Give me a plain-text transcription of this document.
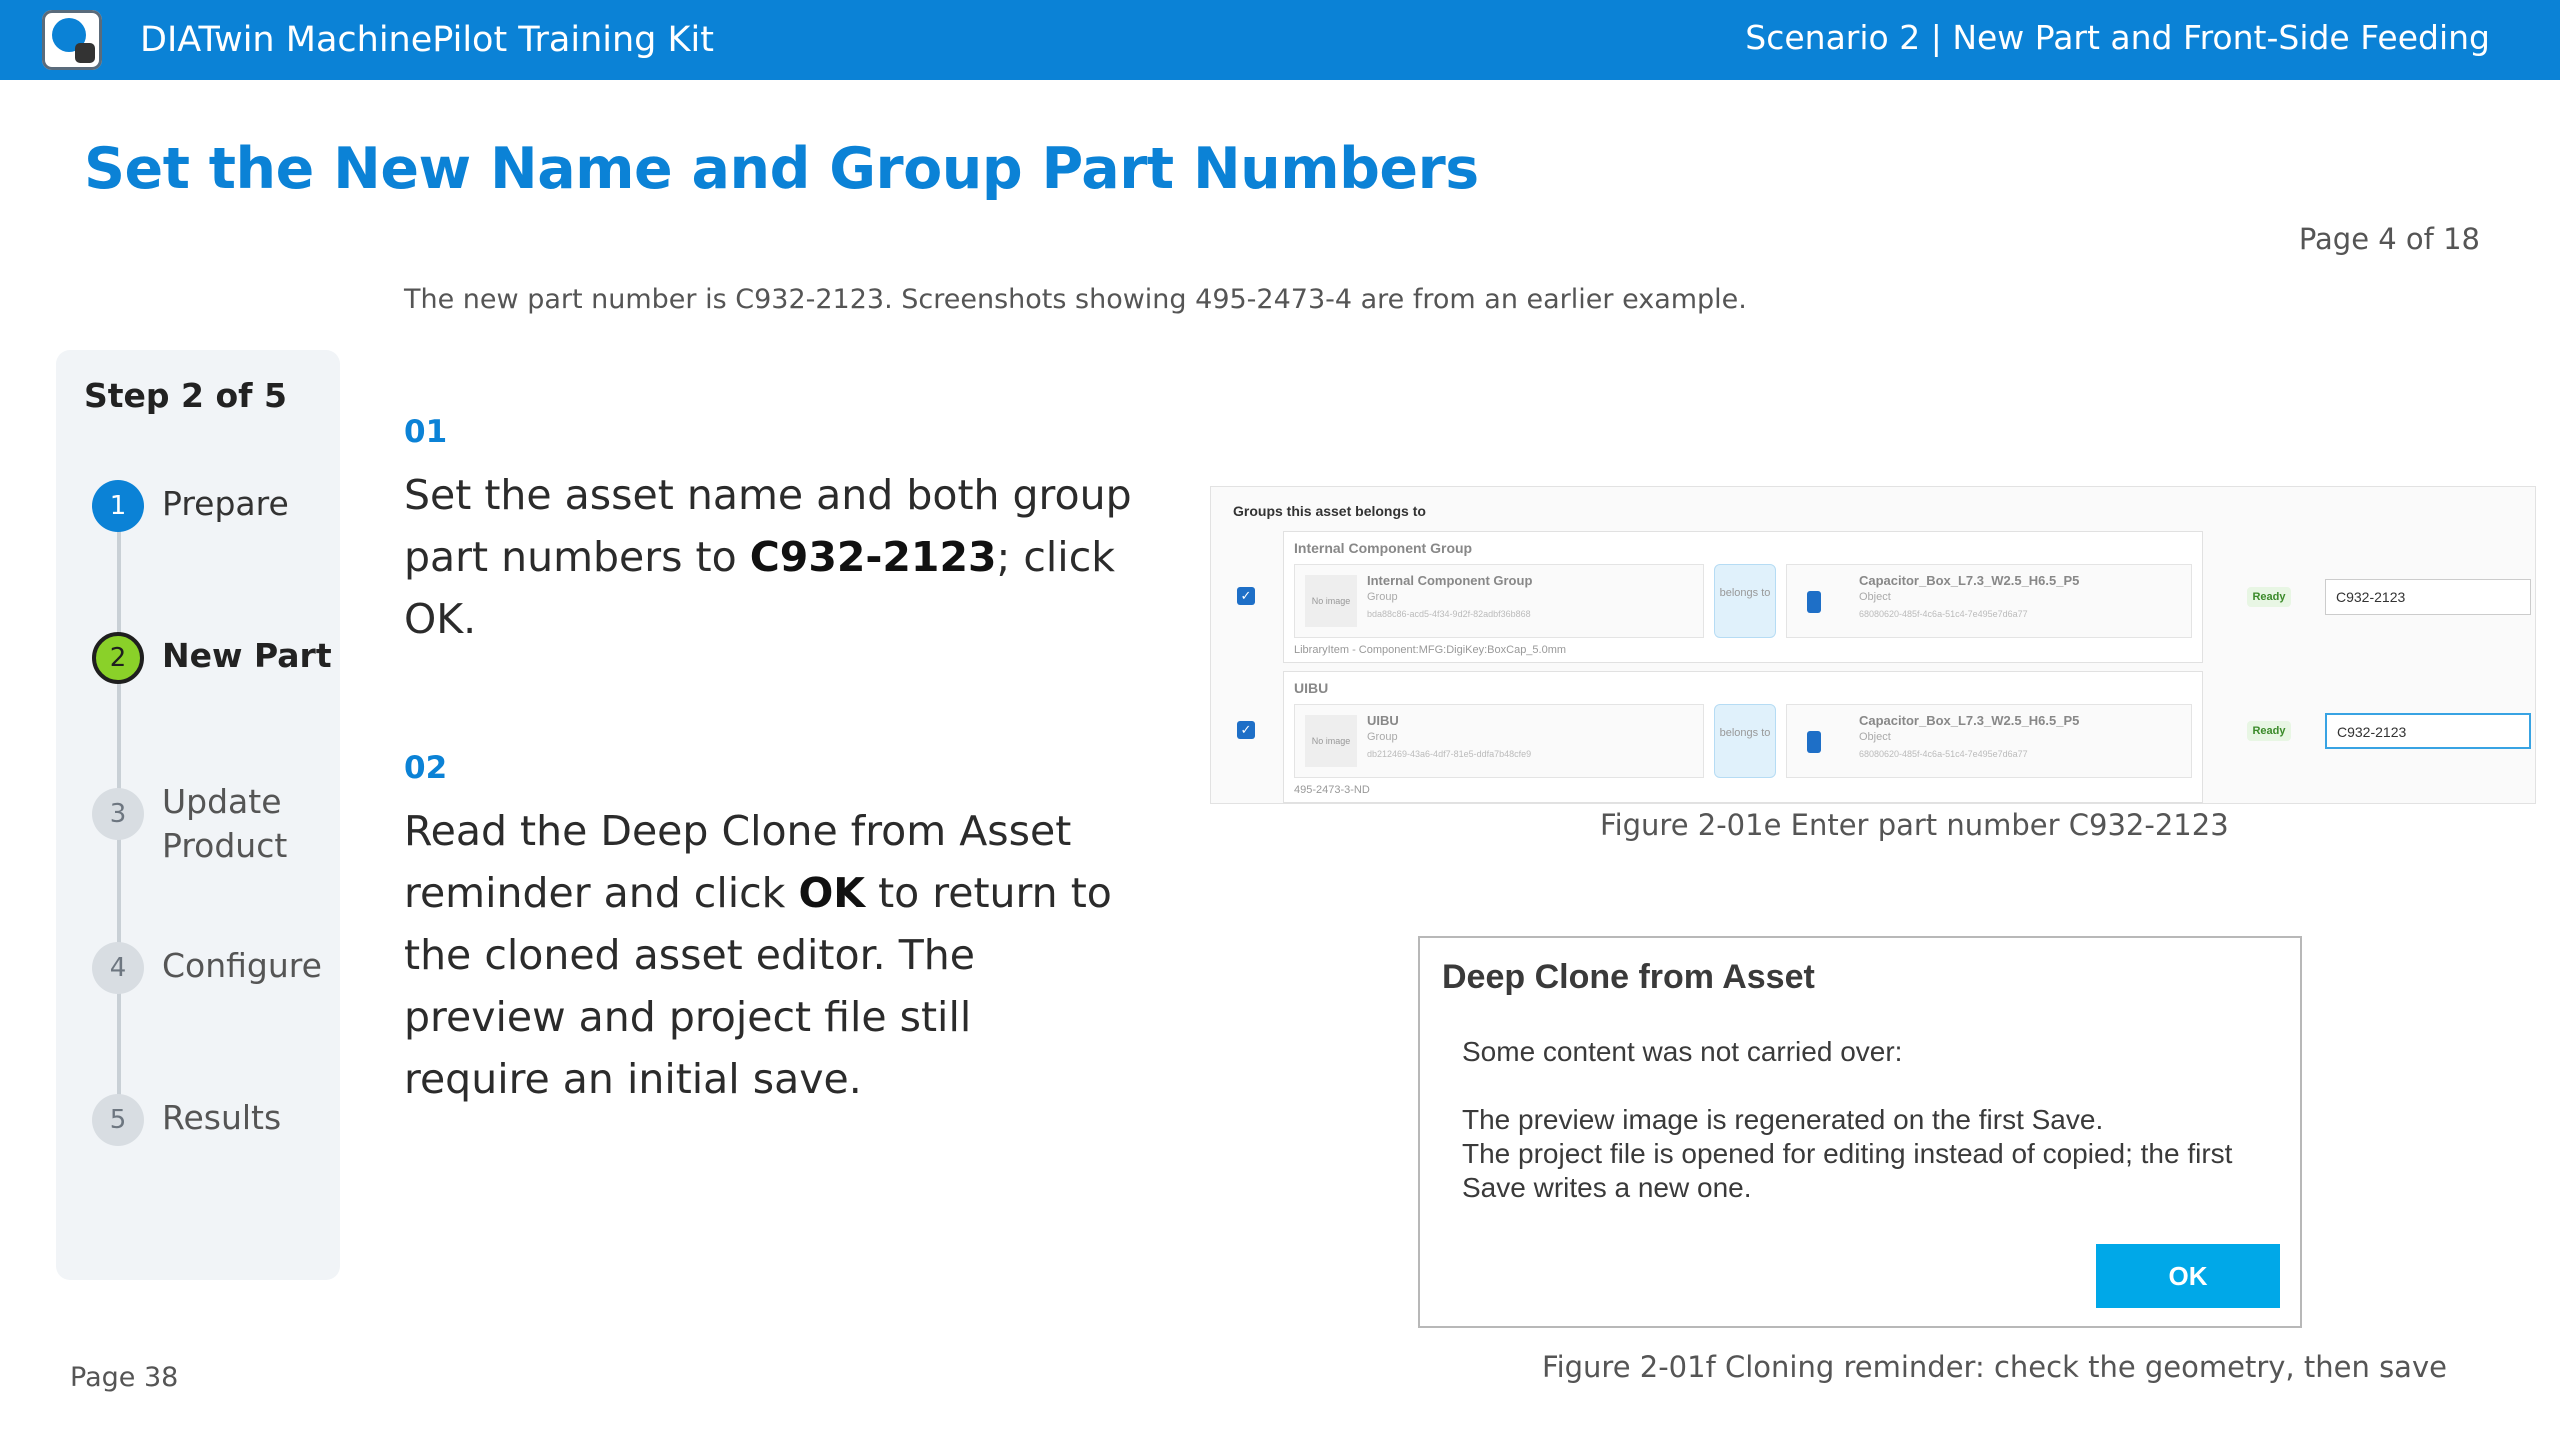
DIATwin MachinePilot Training Kit	Scenario 2 | New Part and Front-Side Feeding
Set the New Name and Group Part Numbers
Page 4 of 18
The new part number is C932-2123. Screenshots showing 495-2473-4 are from an earlier example.
Step 2 of 5
1	Prepare
2	New Part
3	Update
Product
4	Configure
5	Results
01
Set the asset name and both group part numbers to C932-2123; click OK.
02
Read the Deep Clone from Asset reminder and click OK to return to the cloned asset editor. The preview and project file still require an initial save.
Groups this asset belongs to
✓
Internal Component Group
No image
Internal Component Group
Group
bda88c86-acd5-4f34-9d2f-82adbf36b868
belongs to
Capacitor_Box_L7.3_W2.5_H6.5_P5
Object
68080620-485f-4c6a-51c4-7e495e7d6a77
LibraryItem - Component:MFG:DigiKey:BoxCap_5.0mm
Ready	C932-2123
✓
UIBU
No image
UIBU
Group
db212469-43a6-4df7-81e5-ddfa7b48cfe9
belongs to
Capacitor_Box_L7.3_W2.5_H6.5_P5
Object
68080620-485f-4c6a-51c4-7e495e7d6a77
495-2473-3-ND
Ready	C932-2123
Figure 2-01e Enter part number C932-2123
Deep Clone from Asset
Some content was not carried over:
The preview image is regenerated on the first Save.
The project file is opened for editing instead of copied; the first
Save writes a new one.
OK
Figure 2-01f Cloning reminder: check the geometry, then save
Page 38
